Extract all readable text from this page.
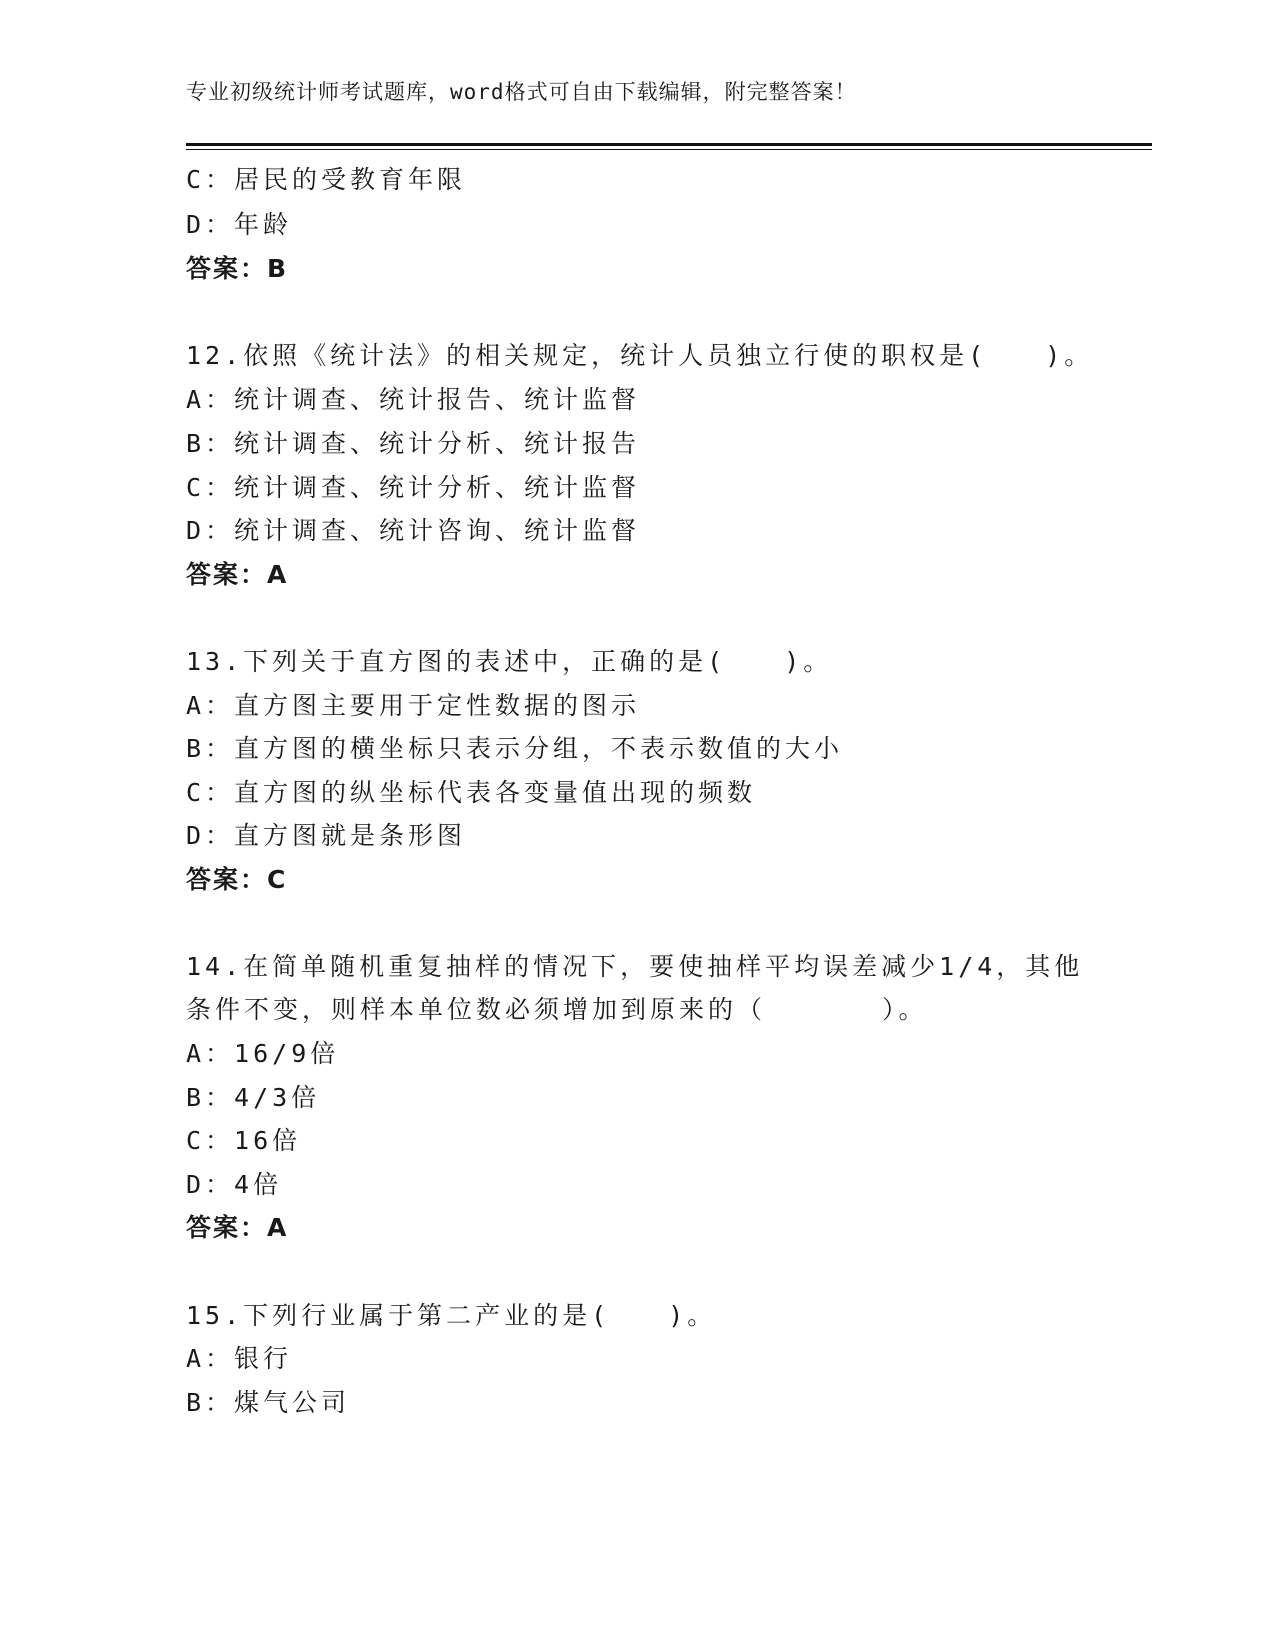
专业初级统计师考试题库，word格式可自由下载编辑，附完整答案！
C：居民的受教育年限
D：年龄
答案：B
12.依照《统计法》的相关规定，统计人员独立行使的职权是(　　)。
A：统计调查、统计报告、统计监督
B：统计调查、统计分析、统计报告
C：统计调查、统计分析、统计监督
D：统计调查、统计咨询、统计监督
答案：A
13.下列关于直方图的表述中，正确的是(　　)。
A：直方图主要用于定性数据的图示
B：直方图的横坐标只表示分组，不表示数值的大小
C：直方图的纵坐标代表各变量值出现的频数
D：直方图就是条形图
答案：C
14.在简单随机重复抽样的情况下，要使抽样平均误差减少1/4，其他
条件不变，则样本单位数必须增加到原来的（　　　　）。
A：16/9倍
B：4/3倍
C：16倍
D：4倍
答案：A
15.下列行业属于第二产业的是(　　)。
A：银行
B：煤气公司
